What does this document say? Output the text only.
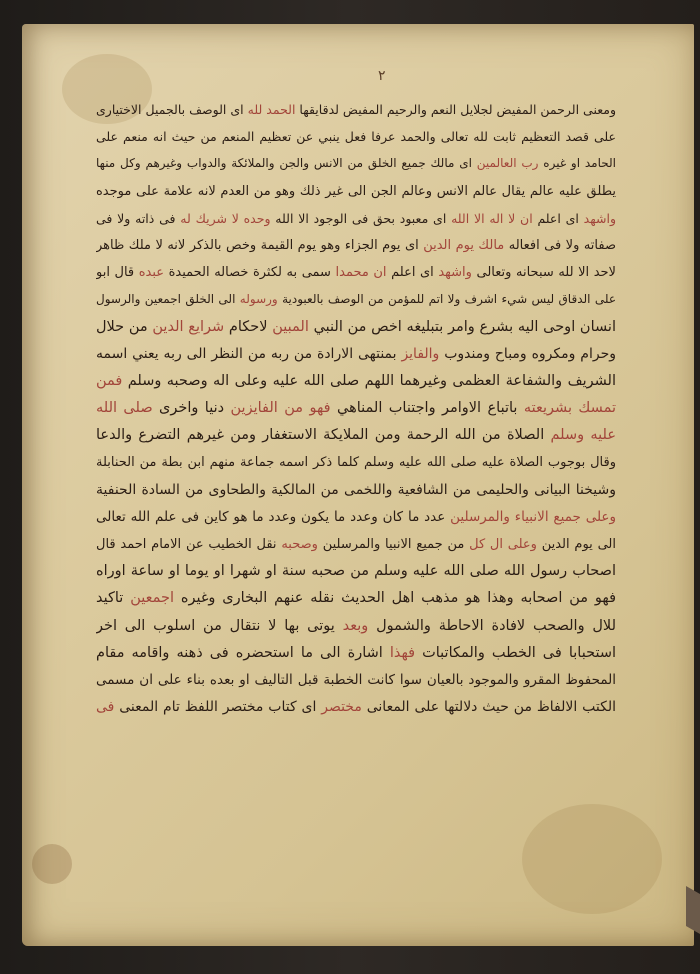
٢
ومعنى الرحمن المفيض لجلايل النعم والرحيم المفيض لدقايقها الحمد لله اى الوصف بالجميل الاختيارى
على قصد التعظيم ثابت لله تعالى والحمد عرفا فعل ينبي عن تعظيم المنعم من حيث انه منعم على
الحامد او غيره رب العالمين اى مالك جميع الخلق من الانس والجن والملائكة والدواب وغيرهم وكل منها
يطلق عليه عالم يقال عالم الانس وعالم الجن الى غير ذلك وهو من العدم لانه علامة على موجده
واشهد اى اعلم ان لا اله الا الله اى معبود بحق فى الوجود الا الله وحده لا شريك له فى ذاته ولا فى
صفاته ولا فى افعاله مالك يوم الدين اى يوم الجزاء وهو يوم القيمة وخص بالذكر لانه لا ملك ظاهر
لاحد الا لله سبحانه وتعالى واشهد اى اعلم ان محمدا سمى به لكثرة خصاله الحميدة عبده قال ابو
على الدقاق ليس شيء اشرف ولا اتم للمؤمن من الوصف بالعبودية ورسوله الى الخلق اجمعين والرسول
انسان اوحى اليه بشرع وامر بتبليغه اخص من النبي المبين لاحكام شرايع الدين من حلال
وحرام ومكروه ومباح ومندوب والفايز بمنتهى الارادة من ربه من النظر الى ربه يعني اسمه
الشريف والشفاعة العظمى وغيرهما اللهم صلى الله عليه وعلى اله وصحبه وسلم فمن
تمسك بشريعته باتباع الاوامر واجتناب المناهي فهو من الفايزين دنيا واخرى صلى الله
عليه وسلم الصلاة من الله الرحمة ومن الملايكة الاستغفار ومن غيرهم التضرع والدعا
وقال بوجوب الصلاة عليه صلى الله عليه وسلم كلما ذكر اسمه جماعة منهم ابن بطة من الحنابلة
وشيخنا البيانى والحليمى من الشافعية واللخمى من المالكية والطحاوى من السادة الحنفية
وعلى جميع الانبياء والمرسلين عدد ما كان وعدد ما يكون وعدد ما هو كاين فى علم الله تعالى
الى يوم الدين وعلى ال كل من جميع الانبيا والمرسلين وصحبه نقل الخطيب عن الامام احمد قال
اصحاب رسول الله صلى الله عليه وسلم من صحبه سنة او شهرا او يوما او ساعة اوراه
فهو من اصحابه وهذا هو مذهب اهل الحديث نقله عنهم البخارى وغيره اجمعين تاكيد
للال والصحب لافادة الاحاطة والشمول وبعد يوتى بها لا نتقال من اسلوب الى اخر
استحبابا فى الخطب والمكاتبات فهذا اشارة الى ما استحضره فى ذهنه واقامه مقام
المحفوظ المقرو والموجود بالعيان سوا كانت الخطبة قبل التاليف او بعده بناء على ان مسمى
الكتب الالفاظ من حيث دلالتها على المعانى مختصر اى كتاب مختصر اللفظ تام المعنى فى
